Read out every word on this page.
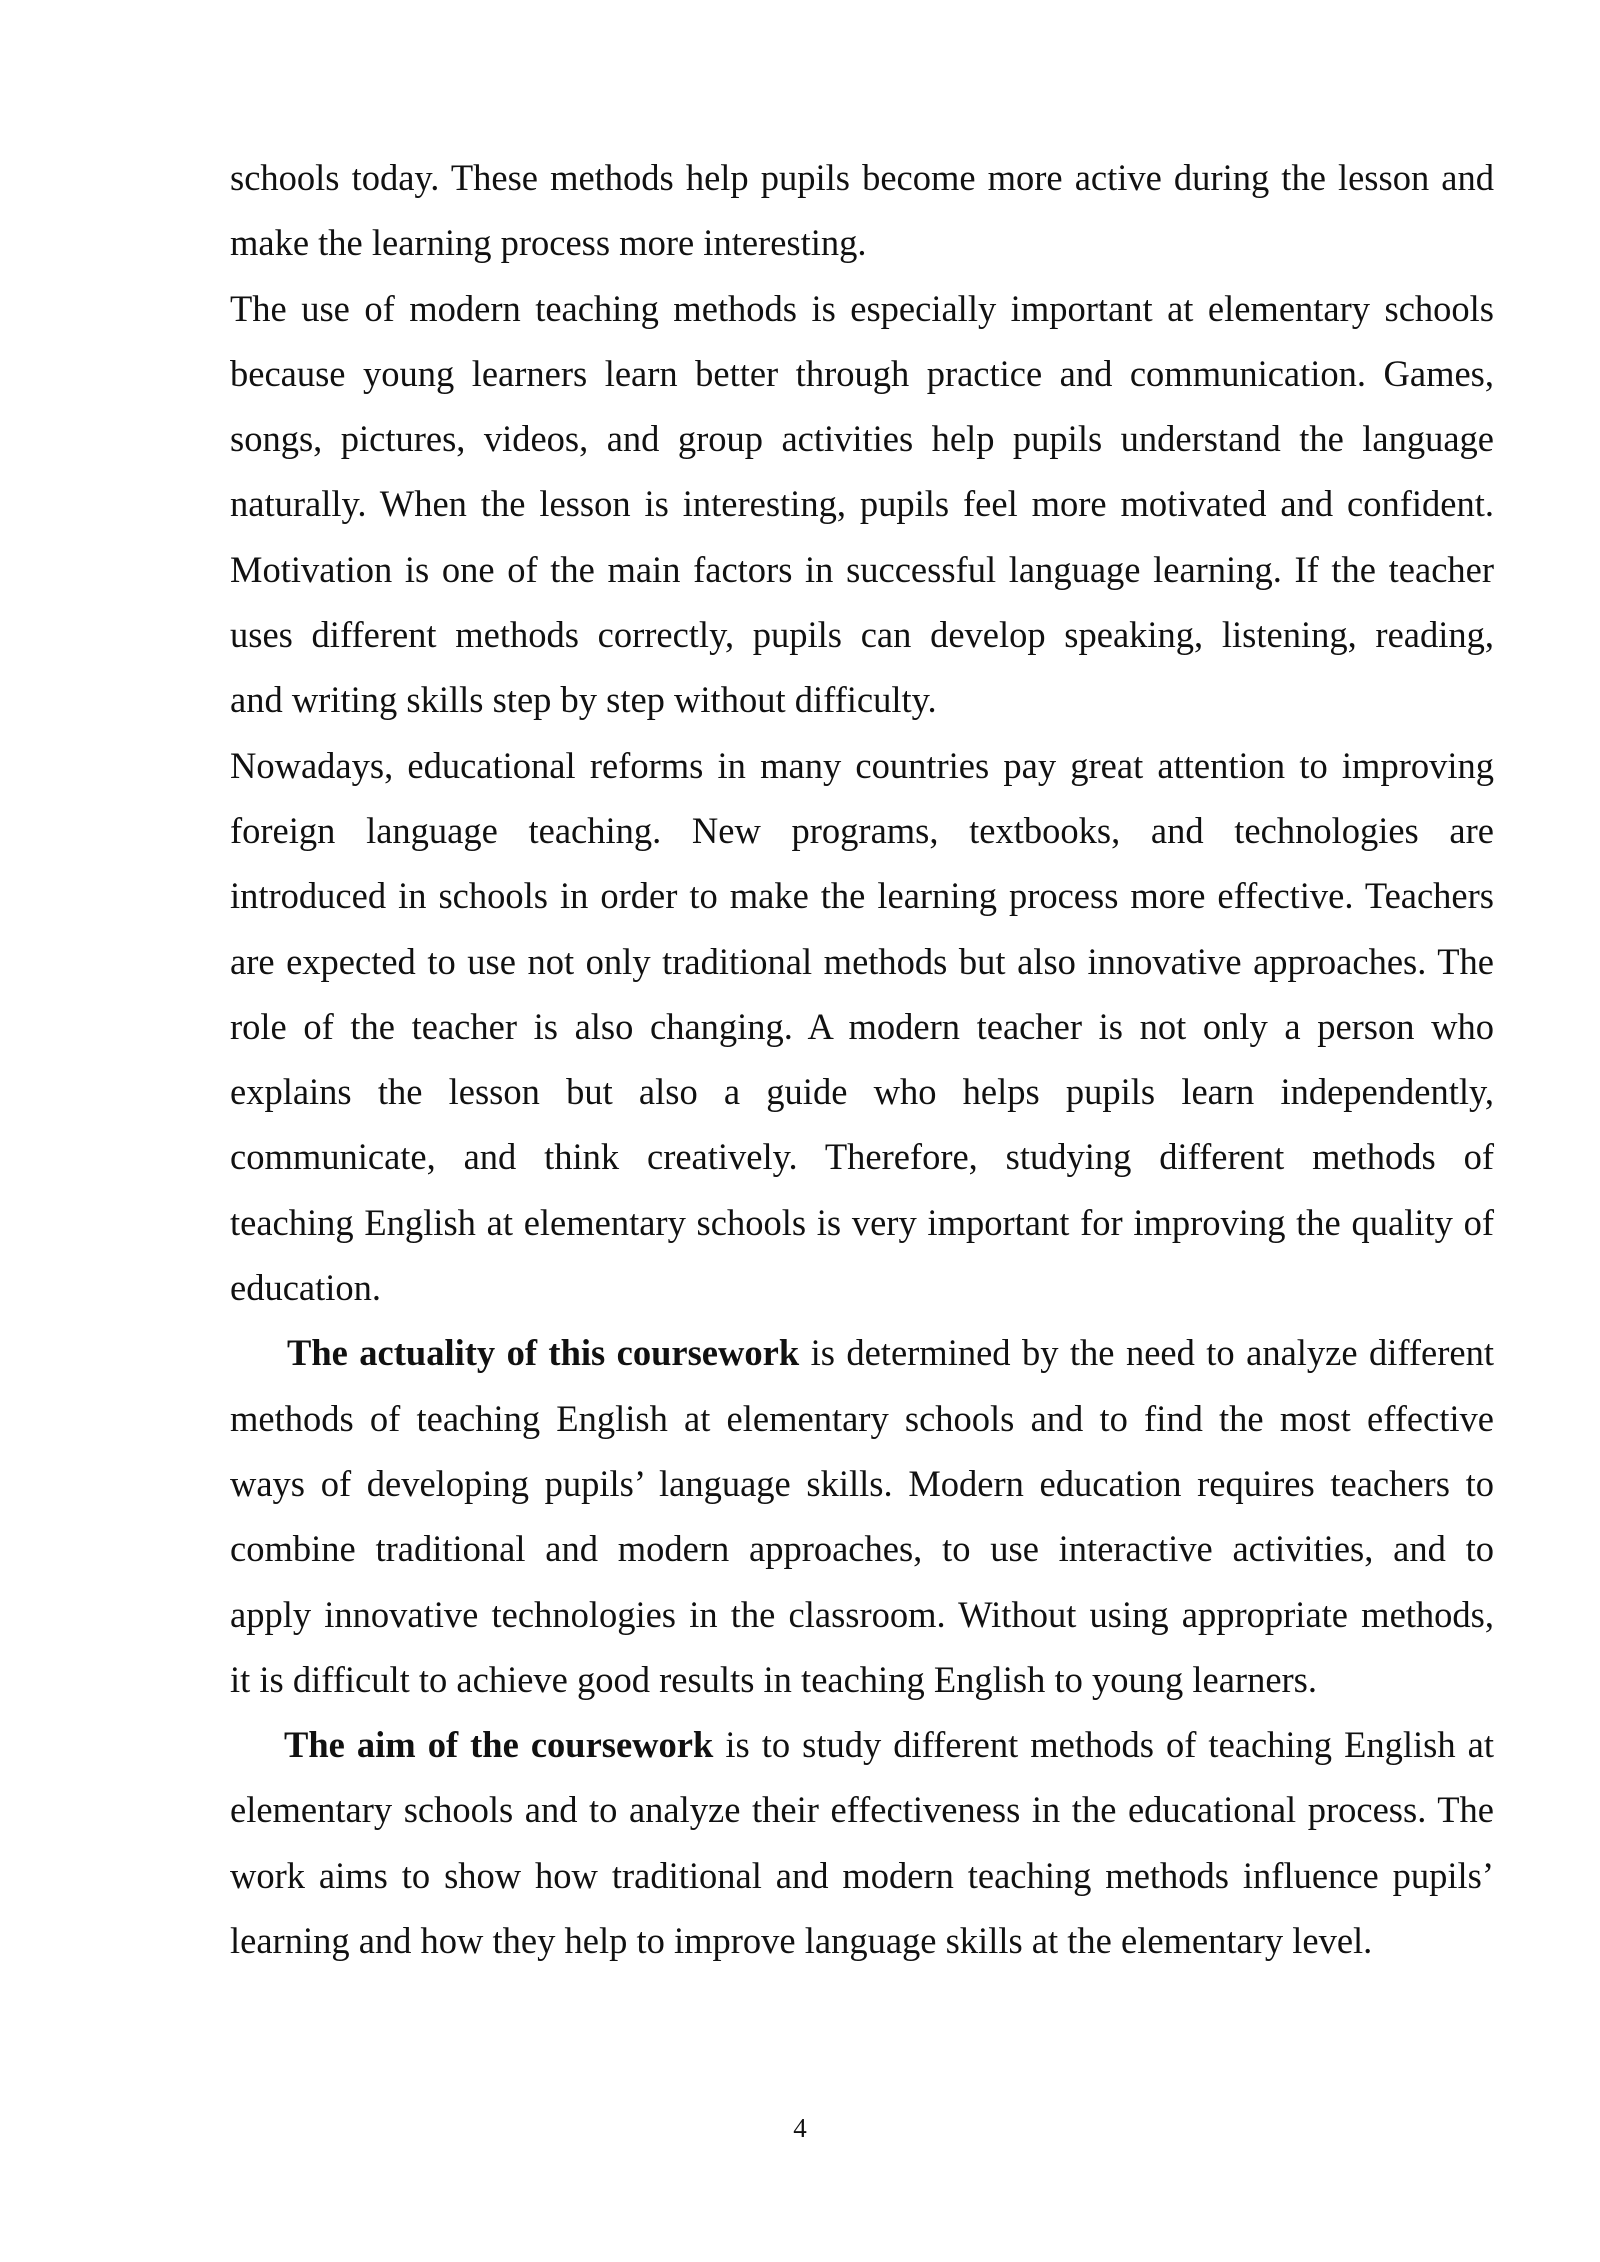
schools today. These methods help pupils become more active during the lesson and
make the learning process more interesting.
The use of modern teaching methods is especially important at elementary schools
because young learners learn better through practice and communication. Games,
songs, pictures, videos, and group activities help pupils understand the language
naturally. When the lesson is interesting, pupils feel more motivated and confident.
Motivation is one of the main factors in successful language learning. If the teacher
uses different methods correctly, pupils can develop speaking, listening, reading,
and writing skills step by step without difficulty.
Nowadays, educational reforms in many countries pay great attention to improving
foreign language teaching. New programs, textbooks, and technologies are
introduced in schools in order to make the learning process more effective. Teachers
are expected to use not only traditional methods but also innovative approaches. The
role of the teacher is also changing. A modern teacher is not only a person who
explains the lesson but also a guide who helps pupils learn independently,
communicate, and think creatively. Therefore, studying different methods of
teaching English at elementary schools is very important for improving the quality of
education.
The actuality of this coursework is determined by the need to analyze different
methods of teaching English at elementary schools and to find the most effective
ways of developing pupils’ language skills. Modern education requires teachers to
combine traditional and modern approaches, to use interactive activities, and to
apply innovative technologies in the classroom. Without using appropriate methods,
it is difficult to achieve good results in teaching English to young learners.
The aim of the coursework is to study different methods of teaching English at
elementary schools and to analyze their effectiveness in the educational process. The
work aims to show how traditional and modern teaching methods influence pupils’
learning and how they help to improve language skills at the elementary level.
4
